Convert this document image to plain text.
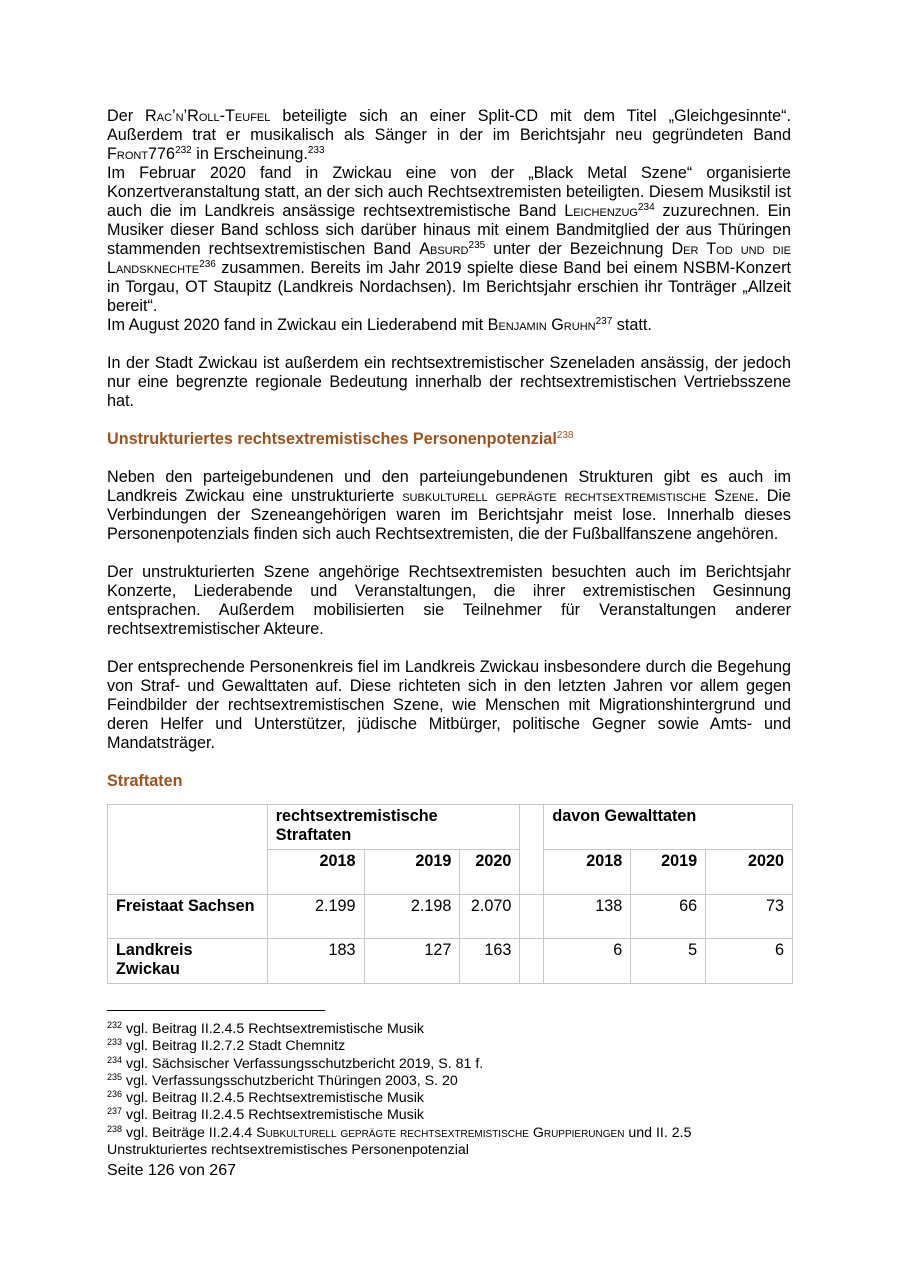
Der Rac’n’Roll-Teufel beteiligte sich an einer Split-CD mit dem Titel „Gleichgesinnte“. Außerdem trat er musikalisch als Sänger in der im Berichtsjahr neu gegründeten Band $Front776^{232}$ in Erscheinung.$^{233}$

Im Februar 2020 fand in Zwickau eine von der „Black Metal Szene“ organisierte Konzertveranstaltung statt, an der sich auch Rechtsextremisten beteiligten. Diesem Musikstil ist auch die im Landkreis ansässige rechtsextremistische Band Leichenzug$^{234}$ zuzurechnen. Ein Musiker dieser Band schloss sich darüber hinaus mit einem Bandmitglied der aus Thüringen stammenden rechtsextremistischen Band Absurd$^{235}$ unter der Bezeichnung Der Tod und die Landsknechte$^{236}$ zusammen. Bereits im Jahr 2019 spielte diese Band bei einem NSBM-Konzert in Torgau, OT Staupitz (Landkreis Nordachsen). Im Berichtsjahr erschien ihr Tonträger „Allzeit bereit“.

Im August 2020 fand in Zwickau ein Liederabend mit Benjamin Gruhn$^{237}$ statt.

In der Stadt Zwickau ist außerdem ein rechtsextremistischer Szeneladen ansässig, der jedoch nur eine begrenzte regionale Bedeutung innerhalb der rechtsextremistischen Vertriebsszene hat.

Unstrukturiertes rechtsextremistisches Personenpotenzial$^{238}$

Neben den parteigebundenen und den parteiungebundenen Strukturen gibt es auch im Landkreis Zwickau eine unstrukturierte subkulturell geprägte rechtsextremistische Szene. Die Verbindungen der Szeneangehörigen waren im Berichtsjahr meist lose. Innerhalb dieses Personenpotenzials finden sich auch Rechtsextremisten, die der Fußballfanszene angehören.

Der unstrukturierten Szene angehörige Rechtsextremisten besuchten auch im Berichtsjahr Konzerte, Liederabende und Veranstaltungen, die ihrer extremistischen Gesinnung entsprachen. Außerdem mobilisierten sie Teilnehmer für Veranstaltungen anderer rechtsextremistischer Akteure.

Der entsprechende Personenkreis fiel im Landkreis Zwickau insbesondere durch die Begehung von Straf- und Gewalttaten auf. Diese richteten sich in den letzten Jahren vor allem gegen Feindbilder der rechtsextremistischen Szene, wie Menschen mit Migrationshintergrund und deren Helfer und Unterstützer, jüdische Mitbürger, politische Gegner sowie Amts- und Mandatsträger.

Straftaten

	rechtsextremistische Straftaten				davon Gewalttaten		
	2018	2019	2020		2018	2019	2020
Freistaat Sachsen	2.199	2.198	2.070		138	66	73
Landkreis Zwickau	183	127	163		6	5	6

$^{232}$ vgl. Beitrag II.2.4.5 Rechtsextremistische Musik

$^{233}$ vgl. Beitrag II.2.7.2 Stadt Chemnitz

$^{234}$ vgl. Sächsischer Verfassungsschutzbericht 2019, S. 81 f.

$^{235}$ vgl. Verfassungsschutzbericht Thüringen 2003, S. 20

$^{236}$ vgl. Beitrag II.2.4.5 Rechtsextremistische Musik

$^{237}$ vgl. Beitrag II.2.4.5 Rechtsextremistische Musik

$^{238}$ vgl. Beiträge II.2.4.4 Subkulturell geprägte rechtsextremistische Gruppierungen und II. 2.5 Unstrukturiertes rechtsextremistisches Personenpotenzial

Seite 126 von 267
